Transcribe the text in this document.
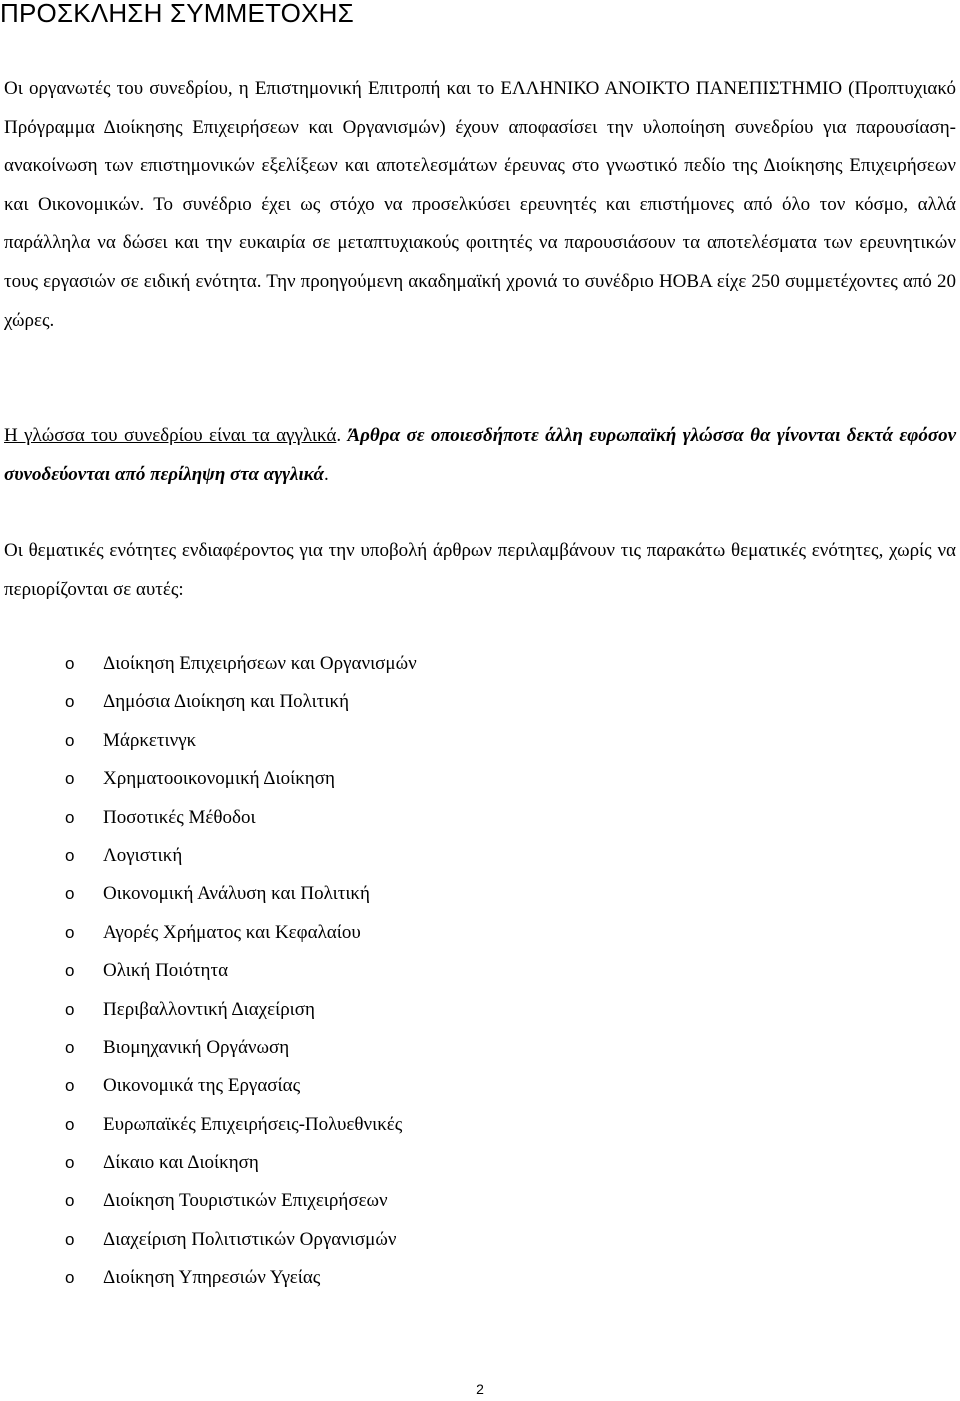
ΠΡΟΣΚΛΗΣΗ ΣΥΜΜΕΤΟΧΗΣ

Οι οργανωτές του συνεδρίου, η Επιστημονική Επιτροπή και το ΕΛΛΗΝΙΚΟ ΑΝΟΙΚΤΟ ΠΑΝΕΠΙΣΤΗΜΙΟ (Προπτυχιακό Πρόγραμμα Διοίκησης Επιχειρήσεων και Οργανισμών) έχουν αποφασίσει την υλοποίηση συνεδρίου για παρουσίαση-ανακοίνωση των επιστημονικών εξελίξεων και αποτελεσμάτων έρευνας στο γνωστικό πεδίο της Διοίκησης Επιχειρήσεων και Οικονομικών. Το συνέδριο έχει ως στόχο να προσελκύσει ερευνητές και επιστήμονες από όλο τον κόσμο, αλλά παράλληλα να δώσει και την ευκαιρία σε μεταπτυχιακούς φοιτητές να παρουσιάσουν τα αποτελέσματα των ερευνητικών τους εργασιών σε ειδική ενότητα. Την προηγούμενη ακαδημαϊκή χρονιά το συνέδριο HOBA είχε 250 συμμετέχοντες από 20 χώρες.

Η γλώσσα του συνεδρίου είναι τα αγγλικά. Άρθρα σε οποιεσδήποτε άλλη ευρωπαϊκή γλώσσα θα γίνονται δεκτά εφόσον συνοδεύονται από περίληψη στα αγγλικά.

Οι θεματικές ενότητες ενδιαφέροντος για την υποβολή άρθρων περιλαμβάνουν τις παρακάτω θεματικές ενότητες, χωρίς να περιορίζονται σε αυτές:

o Διοίκηση Επιχειρήσεων και Οργανισμών
o Δημόσια Διοίκηση και Πολιτική
o Μάρκετινγκ
o Χρηματοοικονομική Διοίκηση
o Ποσοτικές Μέθοδοι
o Λογιστική
o Οικονομική Ανάλυση και Πολιτική
o Αγορές Χρήματος και Κεφαλαίου
o Ολική Ποιότητα
o Περιβαλλοντική Διαχείριση
o Βιομηχανική Οργάνωση
o Οικονομικά της Εργασίας
o Ευρωπαϊκές Επιχειρήσεις-Πολυεθνικές
o Δίκαιο και Διοίκηση
o Διοίκηση Τουριστικών Επιχειρήσεων
o Διαχείριση Πολιτιστικών Οργανισμών
o Διοίκηση Υπηρεσιών Υγείας
2
